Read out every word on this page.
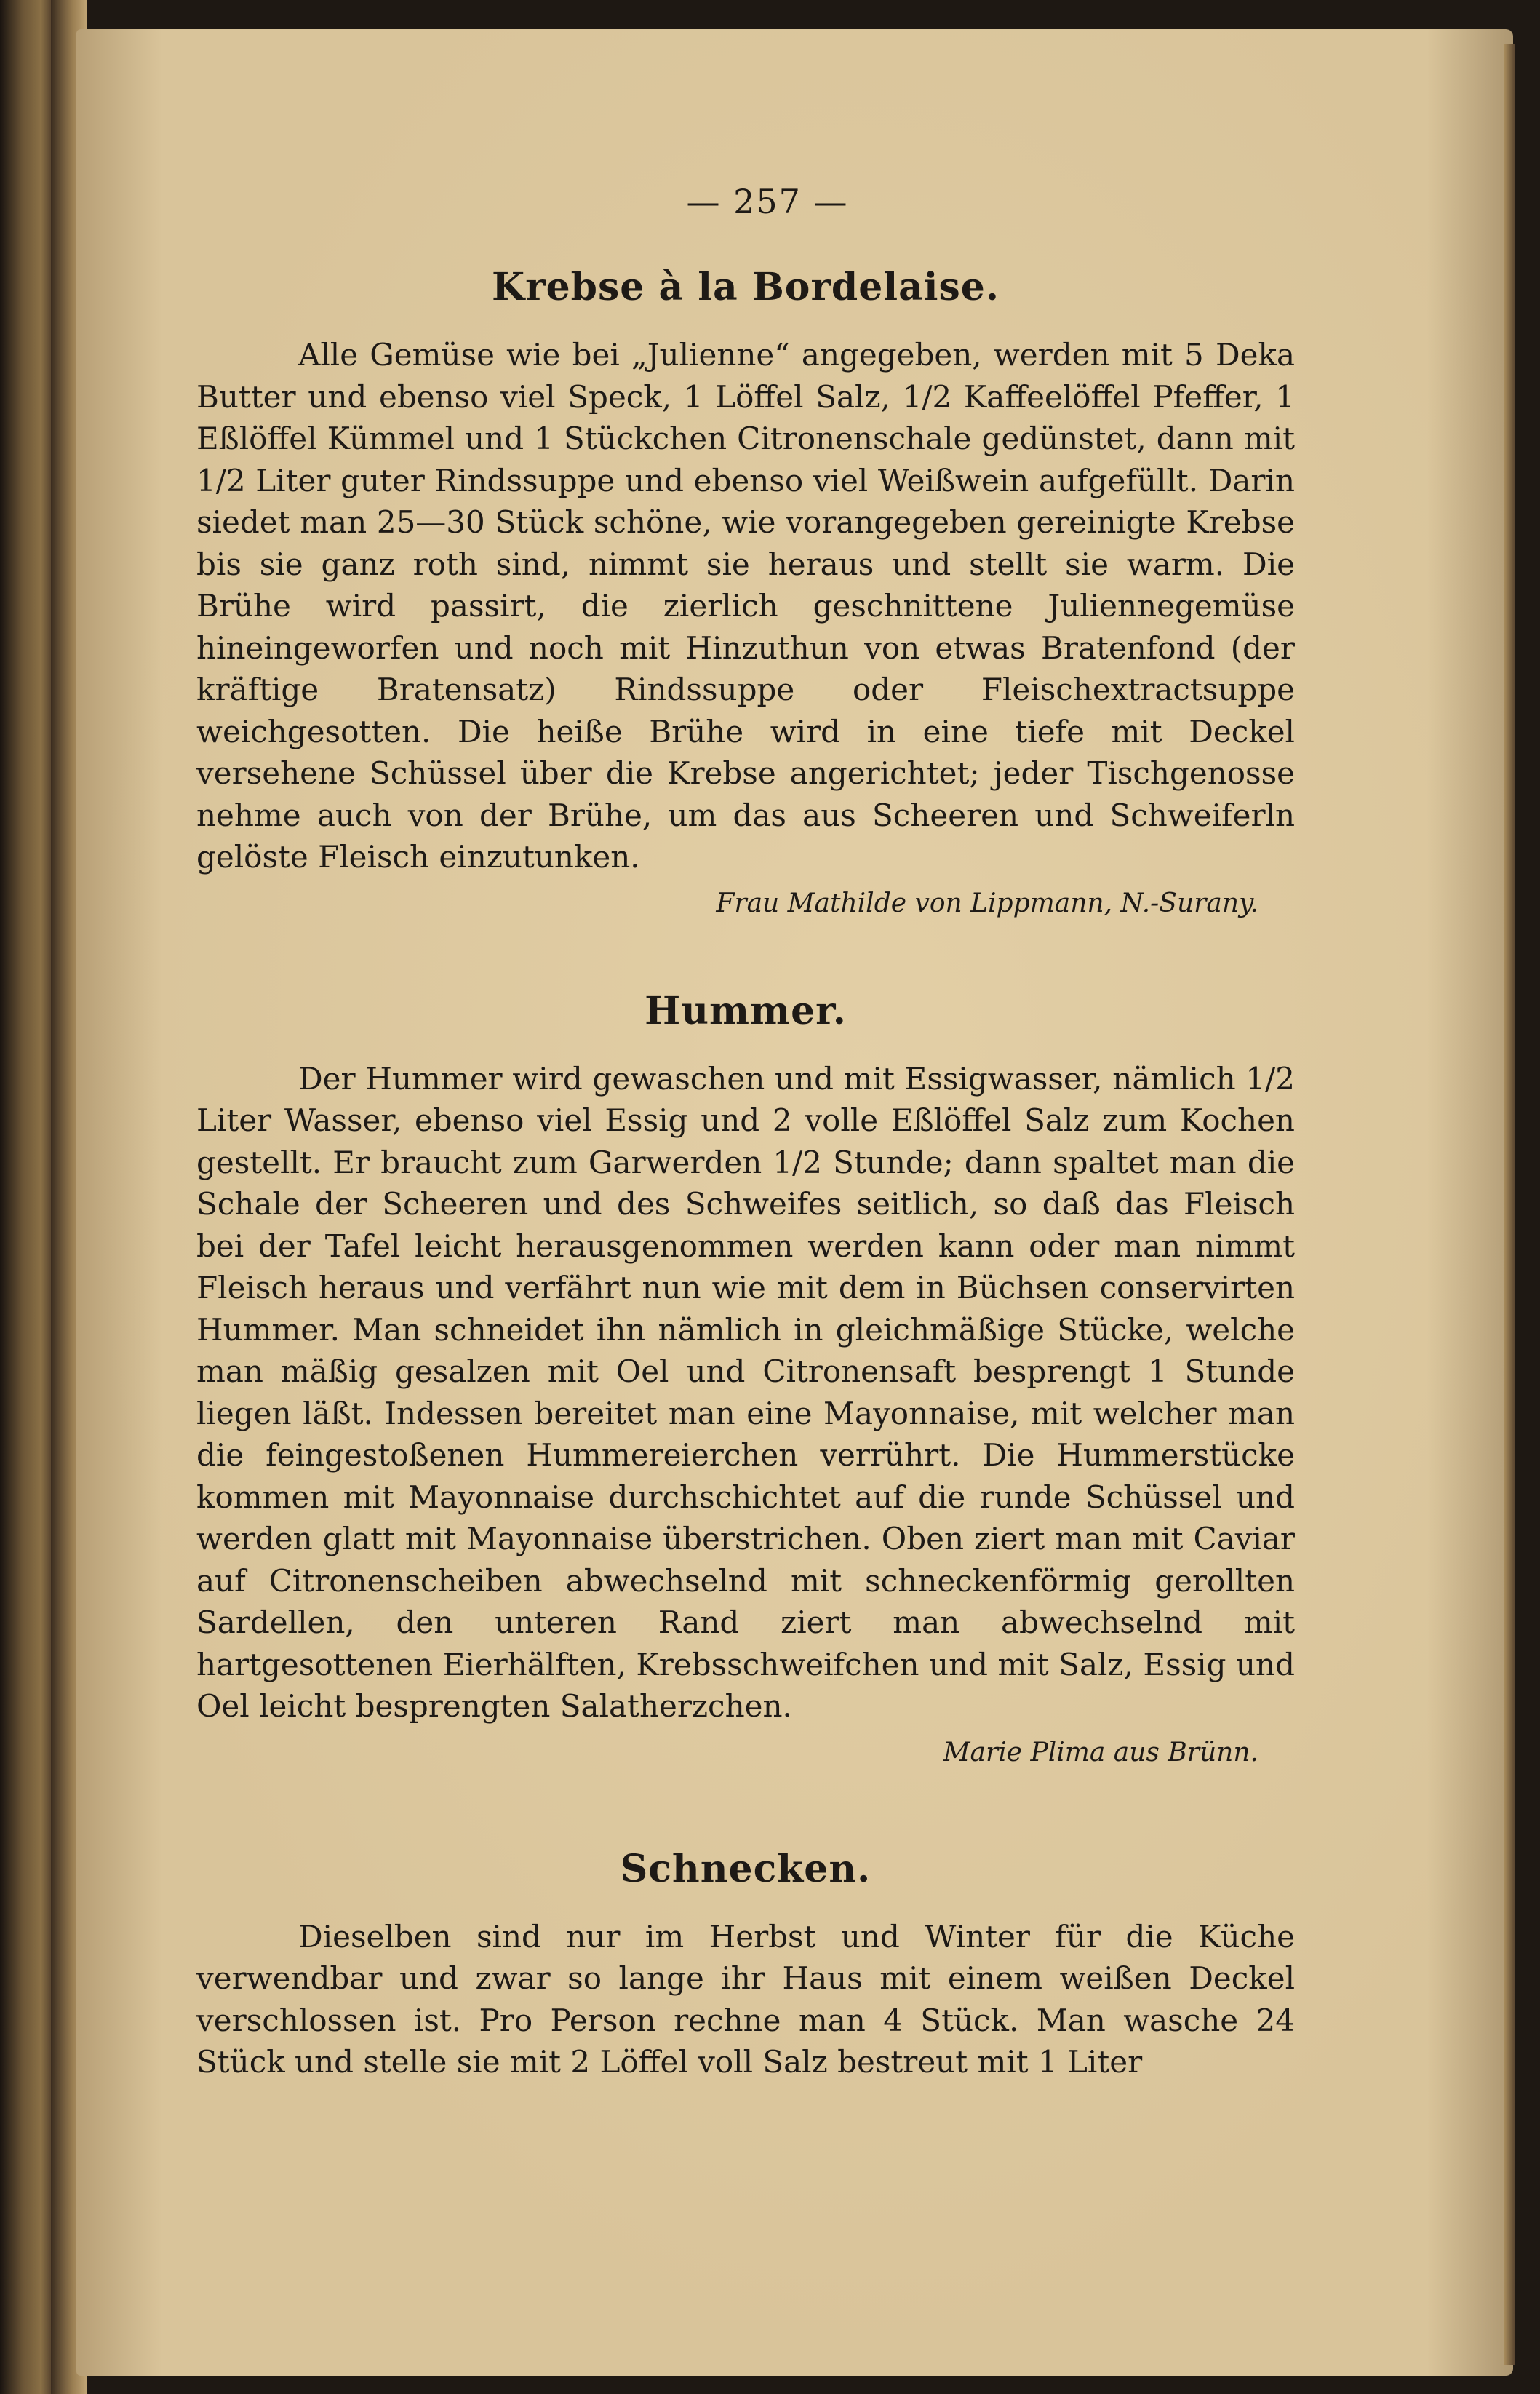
— 257 —
Krebse à la Bordelaise.

Alle Gemüse wie bei „Julienne“ angegeben, werden mit 5 Deka Butter und ebenso viel Speck, 1 Löffel Salz, 1/2 Kaffeelöffel Pfeffer, 1 Eßlöffel Kümmel und 1 Stückchen Citronenschale gedünstet, dann mit 1/2 Liter guter Rindssuppe und ebenso viel Weißwein aufgefüllt. Darin siedet man 25—30 Stück schöne, wie vorangegeben gereinigte Krebse bis sie ganz roth sind, nimmt sie heraus und stellt sie warm. Die Brühe wird passirt, die zierlich geschnittene Juliennegemüse hineingeworfen und noch mit Hinzuthun von etwas Bratenfond (der kräftige Bratensatz) Rindssuppe oder Fleischextractsuppe weichgesotten. Die heiße Brühe wird in eine tiefe mit Deckel versehene Schüssel über die Krebse angerichtet; jeder Tischgenosse nehme auch von der Brühe, um das aus Scheeren und Schweiferln gelöste Fleisch einzutunken.

Frau Mathilde von Lippmann, N.-Surany.
Hummer.

Der Hummer wird gewaschen und mit Essigwasser, nämlich 1/2 Liter Wasser, ebenso viel Essig und 2 volle Eßlöffel Salz zum Kochen gestellt. Er braucht zum Garwerden 1/2 Stunde; dann spaltet man die Schale der Scheeren und des Schweifes seitlich, so daß das Fleisch bei der Tafel leicht herausgenommen werden kann oder man nimmt Fleisch heraus und verfährt nun wie mit dem in Büchsen conservirten Hummer. Man schneidet ihn nämlich in gleichmäßige Stücke, welche man mäßig gesalzen mit Oel und Citronensaft besprengt 1 Stunde liegen läßt. Indessen bereitet man eine Mayonnaise, mit welcher man die feingestoßenen Hummereierchen verrührt. Die Hummerstücke kommen mit Mayonnaise durchschichtet auf die runde Schüssel und werden glatt mit Mayonnaise überstrichen. Oben ziert man mit Caviar auf Citronenscheiben abwechselnd mit schneckenförmig gerollten Sardellen, den unteren Rand ziert man abwechselnd mit hartgesottenen Eierhälften, Krebsschweifchen und mit Salz, Essig und Oel leicht besprengten Salatherzchen.

Marie Plima aus Brünn.
Schnecken.

Dieselben sind nur im Herbst und Winter für die Küche verwendbar und zwar so lange ihr Haus mit einem weißen Deckel verschlossen ist. Pro Person rechne man 4 Stück. Man wasche 24 Stück und stelle sie mit 2 Löffel voll Salz bestreut mit 1 Liter
